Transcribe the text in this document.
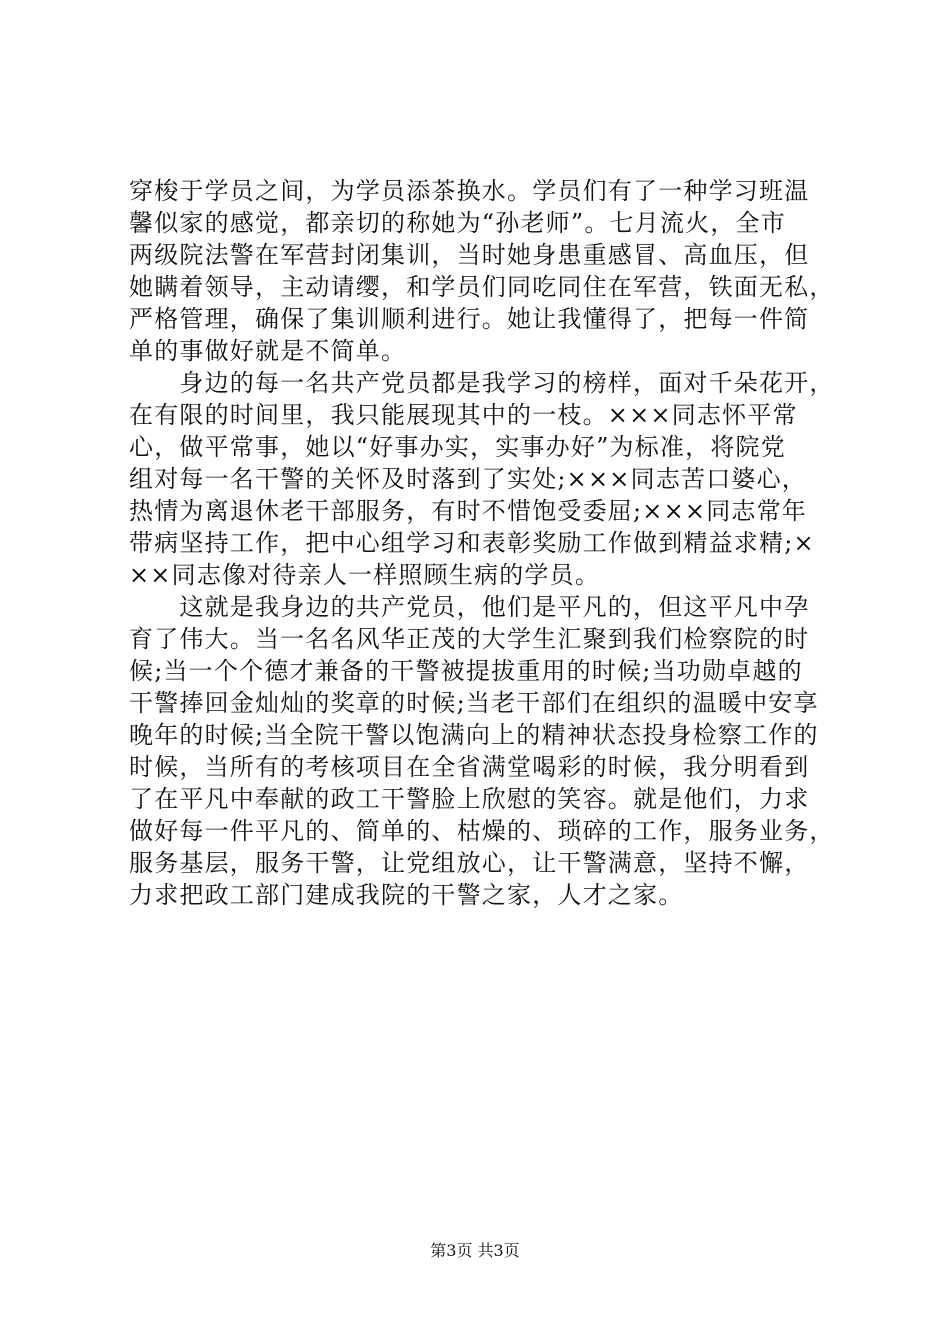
穿梭于学员之间，为学员添茶换水。学员们有了一种学习班温
馨似家的感觉，都亲切的称她为“孙老师”。七月流火，全市
两级院法警在军营封闭集训，当时她身患重感冒、高血压，但
她瞒着领导，主动请缨，和学员们同吃同住在军营，铁面无私，
严格管理，确保了集训顺利进行。她让我懂得了，把每一件简
单的事做好就是不简单。
　　身边的每一名共产党员都是我学习的榜样，面对千朵花开，
在有限的时间里，我只能展现其中的一枝。×××同志怀平常
心，做平常事，她以“好事办实，实事办好”为标准，将院党
组对每一名干警的关怀及时落到了实处;×××同志苦口婆心，
热情为离退休老干部服务，有时不惜饱受委屈;×××同志常年
带病坚持工作，把中心组学习和表彰奖励工作做到精益求精;×
××同志像对待亲人一样照顾生病的学员。
　　这就是我身边的共产党员，他们是平凡的，但这平凡中孕
育了伟大。当一名名风华正茂的大学生汇聚到我们检察院的时
候;当一个个德才兼备的干警被提拔重用的时候;当功勋卓越的
干警捧回金灿灿的奖章的时候;当老干部们在组织的温暖中安享
晚年的时候;当全院干警以饱满向上的精神状态投身检察工作的
时候，当所有的考核项目在全省满堂喝彩的时候，我分明看到
了在平凡中奉献的政工干警脸上欣慰的笑容。就是他们，力求
做好每一件平凡的、简单的、枯燥的、琐碎的工作，服务业务，
服务基层，服务干警，让党组放心，让干警满意，坚持不懈，
力求把政工部门建成我院的干警之家，人才之家。
第3页 共3页
